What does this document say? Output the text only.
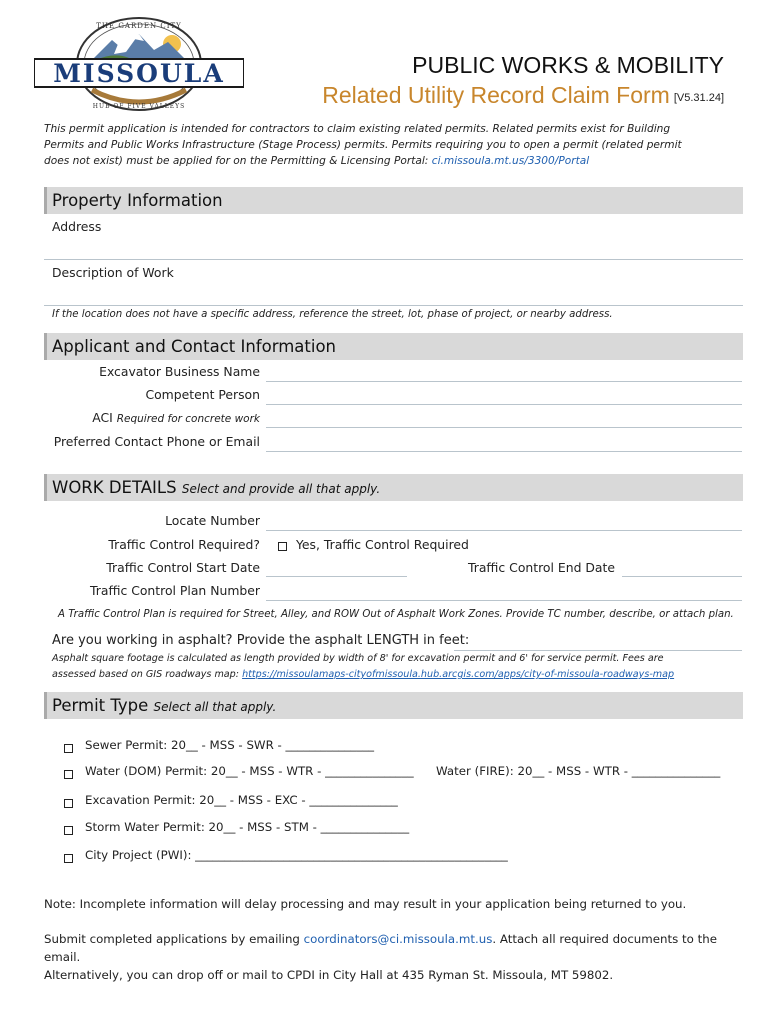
MISSOULA
THE GARDEN CITY
HUB OF FIVE VALLEYS
PUBLIC WORKS & MOBILITY
Related Utility Record Claim Form [V5.31.24]
This permit application is intended for contractors to claim existing related permits. Related permits exist for Building Permits and Public Works Infrastructure (Stage Process) permits. Permits requiring you to open a permit (related permit does not exist) must be applied for on the Permitting & Licensing Portal: ci.missoula.mt.us/3300/Portal
Property Information
Address
Description of Work
If the location does not have a specific address, reference the street, lot, phase of project, or nearby address.
Applicant and Contact Information
Excavator Business Name
Competent Person
ACI Required for concrete work
Preferred Contact Phone or Email
WORK DETAILS Select and provide all that apply.
Locate Number
Traffic Control Required?	Yes, Traffic Control Required
Traffic Control Start Date	Traffic Control End Date
Traffic Control Plan Number
A Traffic Control Plan is required for Street, Alley, and ROW Out of Asphalt Work Zones. Provide TC number, describe, or attach plan.
Are you working in asphalt? Provide the asphalt LENGTH in feet:
Asphalt square footage is calculated as length provided by width of 8' for excavation permit and 6' for service permit. Fees are
assessed based on GIS roadways map: https://missoulamaps-cityofmissoula.hub.arcgis.com/apps/city-of-missoula-roadways-map
Permit Type Select all that apply.
Sewer Permit: 20__ - MSS - SWR - _______________
Water (DOM) Permit: 20__ - MSS - WTR - _______________ Water (FIRE): 20__ - MSS - WTR - _______________
Excavation Permit: 20__ - MSS - EXC - _______________
Storm Water Permit: 20__ - MSS - STM - _______________
City Project (PWI): _____________________________________________________
Note: Incomplete information will delay processing and may result in your application being returned to you.
Submit completed applications by emailing coordinators@ci.missoula.mt.us. Attach all required documents to the email.
Alternatively, you can drop off or mail to CPDI in City Hall at 435 Ryman St. Missoula, MT 59802.
